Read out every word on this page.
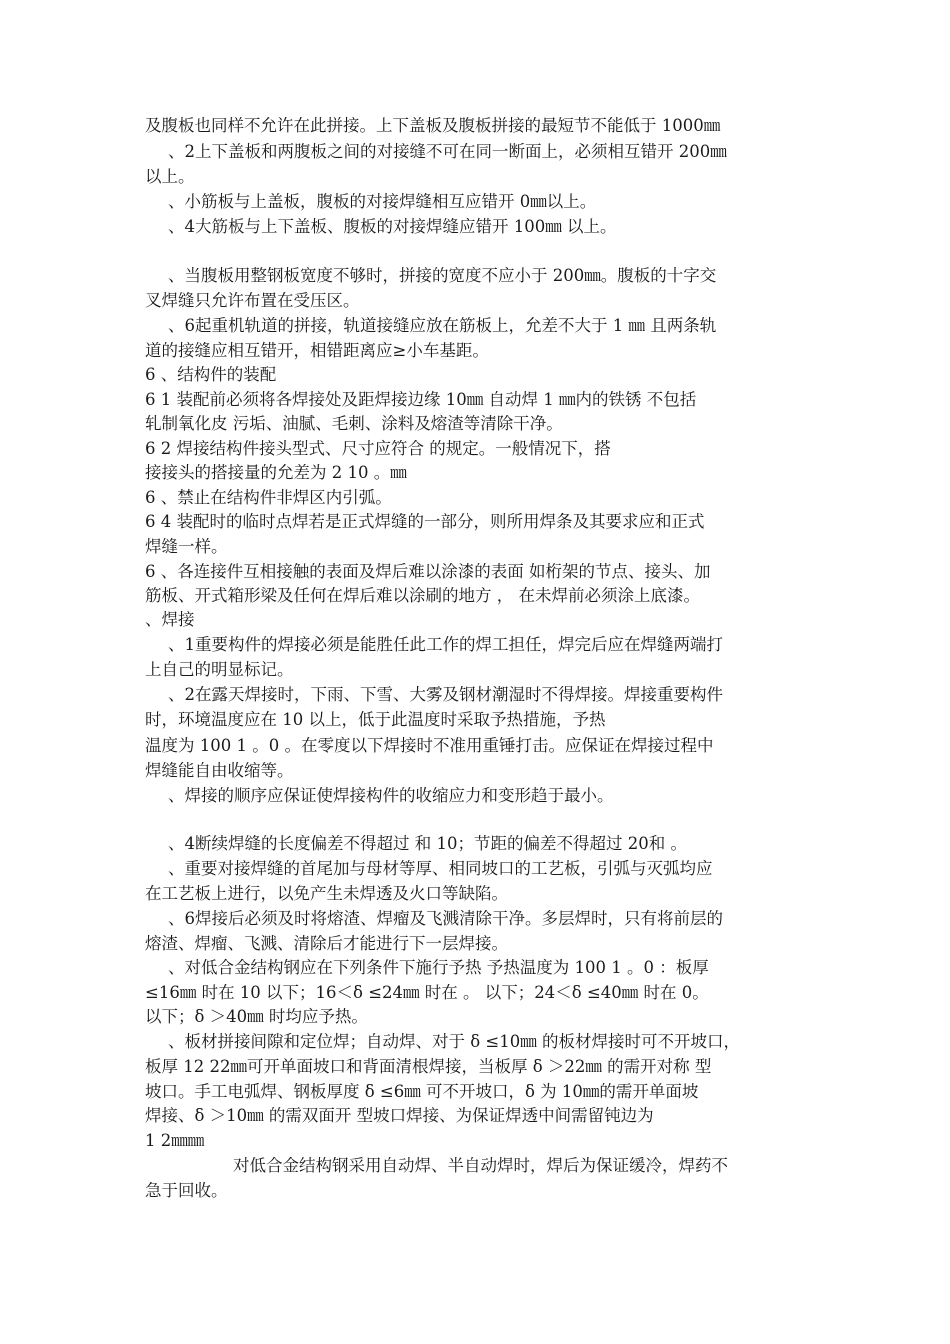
及腹板也同样不允许在此拼接。上下盖板及腹板拼接的最短节不能低于 1000㎜
、2上下盖板和两腹板之间的对接缝不可在同一断面上，必须相互错开 200㎜
以上。
、小筋板与上盖板，腹板的对接焊缝相互应错开 0㎜以上。
、4大筋板与上下盖板、腹板的对接焊缝应错开 100㎜ 以上。
、当腹板用整钢板宽度不够时，拼接的宽度不应小于 200㎜。腹板的十字交
叉焊缝只允许布置在受压区。
、6起重机轨道的拼接，轨道接缝应放在筋板上，允差不大于 1 ㎜ 且两条轨
道的接缝应相互错开，相错距离应≥小车基距。
6 、结构件的装配
6 1 装配前必须将各焊接处及距焊接边缘 10㎜ 自动焊 1 ㎜内的铁锈 不包括
轧制氧化皮 污垢、油腻、毛刺、涂料及熔渣等清除干净。
6 2 焊接结构件接头型式、尺寸应符合 的规定。一般情况下，搭
接接头的搭接量的允差为 2 10 。㎜
6 、禁止在结构件非焊区内引弧。
6 4 装配时的临时点焊若是正式焊缝的一部分，则所用焊条及其要求应和正式
焊缝一样。
6 、各连接件互相接触的表面及焊后难以涂漆的表面 如桁架的节点、接头、加
筋板、开式箱形梁及任何在焊后难以涂刷的地方 ， 在未焊前必须涂上底漆。
、焊接
、1重要构件的焊接必须是能胜任此工作的焊工担任，焊完后应在焊缝两端打
上自己的明显标记。
、2在露天焊接时，下雨、下雪、大雾及钢材潮湿时不得焊接。焊接重要构件
时，环境温度应在 10 以上，低于此温度时采取予热措施，予热
温度为 100 1 。0 。在零度以下焊接时不准用重锤打击。应保证在焊接过程中
焊缝能自由收缩等。
、焊接的顺序应保证使焊接构件的收缩应力和变形趋于最小。
、4断续焊缝的长度偏差不得超过 和 10；节距的偏差不得超过 20和 。
、重要对接焊缝的首尾加与母材等厚、相同坡口的工艺板，引弧与灭弧均应
在工艺板上进行，以免产生未焊透及火口等缺陷。
、6焊接后必须及时将熔渣、焊瘤及飞溅清除干净。多层焊时，只有将前层的
熔渣、焊瘤、飞溅、清除后才能进行下一层焊接。
、对低合金结构钢应在下列条件下施行予热 予热温度为 100 1 。0 ：板厚
≤16㎜ 时在 10 以下；16＜δ ≤24㎜ 时在 。 以下；24＜δ ≤40㎜ 时在 0。
以下；δ ＞40㎜ 时均应予热。
、板材拼接间隙和定位焊；自动焊、对于 δ ≤10㎜ 的板材焊接时可不开坡口，
板厚 12 22㎜可开单面坡口和背面清根焊接，当板厚 δ ＞22㎜ 的需开对称 型
坡口。手工电弧焊、钢板厚度 δ ≤6㎜ 可不开坡口，δ 为 10㎜的需开单面坡
焊接、δ ＞10㎜ 的需双面开 型坡口焊接、为保证焊透中间需留钝边为
1 2㎜㎜
对低合金结构钢采用自动焊、半自动焊时，焊后为保证缓冷，焊药不
急于回收。
